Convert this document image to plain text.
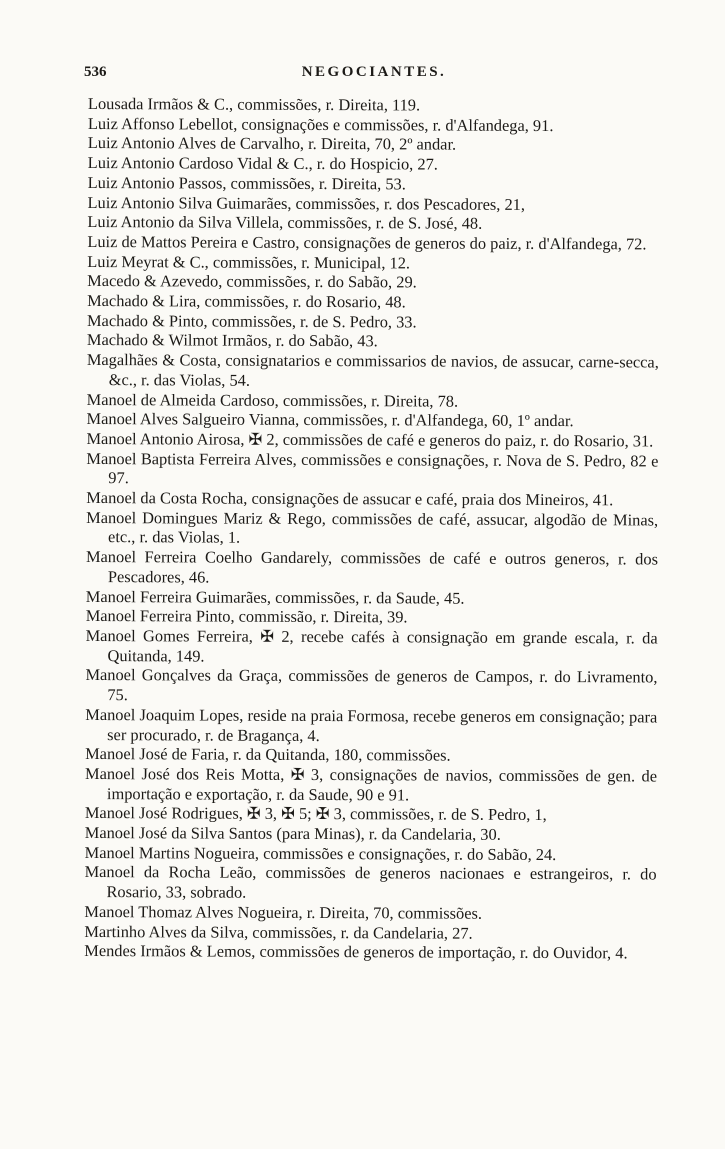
536	NEGOCIANTES.
Lousada Irmãos & C., commissões, r. Direita, 119.
Luiz Affonso Lebellot, consignações e commissões, r. d'Alfandega, 91.
Luiz Antonio Alves de Carvalho, r. Direita, 70, 2º andar.
Luiz Antonio Cardoso Vidal & C., r. do Hospicio, 27.
Luiz Antonio Passos, commissões, r. Direita, 53.
Luiz Antonio Silva Guimarães, commissões, r. dos Pescadores, 21,
Luiz Antonio da Silva Villela, commissões, r. de S. José, 48.
Luiz de Mattos Pereira e Castro, consignações de generos do paiz, r. d'Alfandega, 72.
Luiz Meyrat & C., commissões, r. Municipal, 12.
Macedo & Azevedo, commissões, r. do Sabão, 29.
Machado & Lira, commissões, r. do Rosario, 48.
Machado & Pinto, commissões, r. de S. Pedro, 33.
Machado & Wilmot Irmãos, r. do Sabão, 43.
Magalhães & Costa, consignatarios e commissarios de navios, de assucar, carne-secca, &c., r. das Violas, 54.
Manoel de Almeida Cardoso, commissões, r. Direita, 78.
Manoel Alves Salgueiro Vianna, commissões, r. d'Alfandega, 60, 1º andar.
Manoel Antonio Airosa, ✠ 2, commissões de café e generos do paiz, r. do Rosario, 31.
Manoel Baptista Ferreira Alves, commissões e consignações, r. Nova de S. Pedro, 82 e 97.
Manoel da Costa Rocha, consignações de assucar e café, praia dos Mineiros, 41.
Manoel Domingues Mariz & Rego, commissões de café, assucar, algodão de Minas, etc., r. das Violas, 1.
Manoel Ferreira Coelho Gandarely, commissões de café e outros generos, r. dos Pescadores, 46.
Manoel Ferreira Guimarães, commissões, r. da Saude, 45.
Manoel Ferreira Pinto, commissão, r. Direita, 39.
Manoel Gomes Ferreira, ✠ 2, recebe cafés à consignação em grande escala, r. da Quitanda, 149.
Manoel Gonçalves da Graça, commissões de generos de Campos, r. do Livramento, 75.
Manoel Joaquim Lopes, reside na praia Formosa, recebe generos em consignação; para ser procurado, r. de Bragança, 4.
Manoel José de Faria, r. da Quitanda, 180, commissões.
Manoel José dos Reis Motta, ✠ 3, consignações de navios, commissões de gen. de importação e exportação, r. da Saude, 90 e 91.
Manoel José Rodrigues, ✠ 3, ✠ 5; ✠ 3, commissões, r. de S. Pedro, 1,
Manoel José da Silva Santos (para Minas), r. da Candelaria, 30.
Manoel Martins Nogueira, commissões e consignações, r. do Sabão, 24.
Manoel da Rocha Leão, commissões de generos nacionaes e estrangeiros, r. do Rosario, 33, sobrado.
Manoel Thomaz Alves Nogueira, r. Direita, 70, commissões.
Martinho Alves da Silva, commissões, r. da Candelaria, 27.
Mendes Irmãos & Lemos, commissões de generos de importação, r. do Ouvidor, 4.
